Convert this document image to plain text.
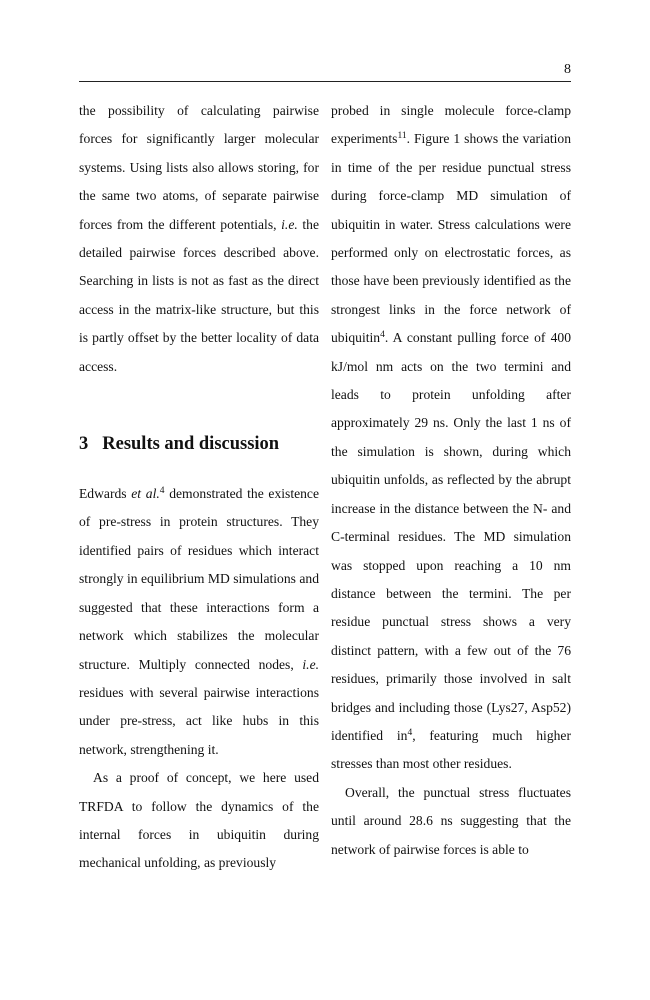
8

the possibility of calculating pairwise forces for significantly larger molecular systems. Using lists also allows storing, for the same two atoms, of separate pairwise forces from the different potentials, i.e. the detailed pairwise forces described above. Searching in lists is not as fast as the direct access in the matrix-like structure, but this is partly offset by the better locality of data access.

3 Results and discussion

Edwards et al.$^4$ demonstrated the existence of pre-stress in protein structures. They identified pairs of residues which interact strongly in equilibrium MD simulations and suggested that these interactions form a network which stabilizes the molecular structure. Multiply connected nodes, i.e. residues with several pairwise interactions under pre-stress, act like hubs in this network, strengthening it.

As a proof of concept, we here used TRFDA to follow the dynamics of the internal forces in ubiquitin during mechanical unfolding, as previously

probed in single molecule force-clamp experiments$^{11}$. Figure 1 shows the variation in time of the per residue punctual stress during force-clamp MD simulation of ubiquitin in water. Stress calculations were performed only on electrostatic forces, as those have been previously identified as the strongest links in the force network of ubiquitin$^4$. A constant pulling force of 400 kJ/mol nm acts on the two termini and leads to protein unfolding after approximately 29 ns. Only the last 1 ns of the simulation is shown, during which ubiquitin unfolds, as reflected by the abrupt increase in the distance between the N- and C-terminal residues. The MD simulation was stopped upon reaching a 10 nm distance between the termini. The per residue punctual stress shows a very distinct pattern, with a few out of the 76 residues, primarily those involved in salt bridges and including those (Lys27, Asp52) identified $in^4$, featuring much higher stresses than most other residues.

Overall, the punctual stress fluctuates until around 28.6 ns suggesting that the network of pairwise forces is able to
